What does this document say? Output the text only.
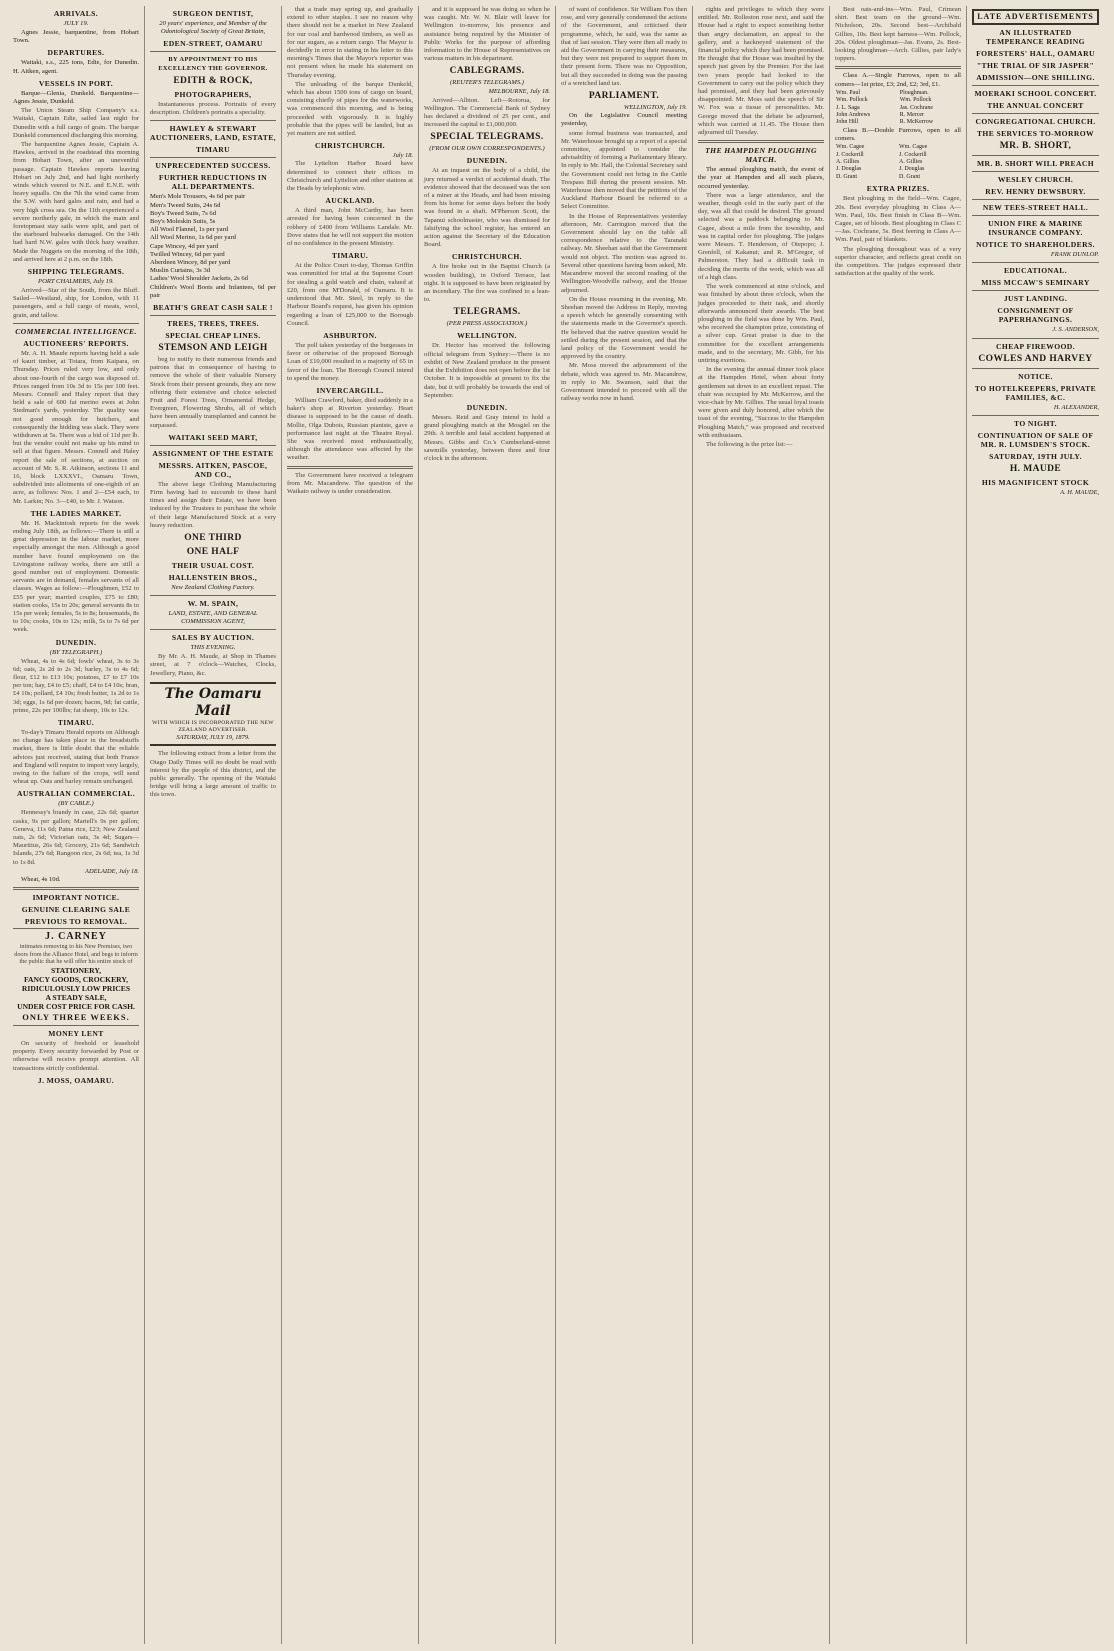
ARRIVALS.
JULY 19.

Agnes Jessie, barquentine, from Hobart Town.

DEPARTURES.

Waitaki, s.s., 225 tons, Edie, for Dunedin. H. Aitken, agent.

VESSELS IN PORT.

Barque—Glenia, Dunkeld. Barquentine—Agnes Jessie, Dunkeld.

The Union Steam Ship Company's s.s. Waitaki, Captain Edie, sailed last night for Dunedin with a full cargo of grain. The barque Dunkeld commenced discharging this morning.

The barquentine Agnes Jessie, Captain A. Hawkes, arrived in the roadstead this morning from Hobart Town, after an uneventful passage. Captain Hawkes reports leaving Hobart on July 2nd, and had light northerly winds which veered to N.E. and E.N.E. with heavy squalls. On the 7th the wind came from the S.W. with hard gales and rain, and had a very high cross sea. On the 11th experienced a severe northerly gale, in which the main and foretopmast stay sails were split, and part of the starboard bulwarks damaged. On the 14th had hard N.W. gales with thick hazy weather. Made the Nuggets on the morning of the 18th, and arrived here at 2 p.m. on the 18th.

SHIPPING TELEGRAMS.
PORT CHALMERS, July 19.

Arrived—Star of the South, from the Bluff. Sailed—Westland, ship, for London, with 11 passengers, and a full cargo of meats, wool, grain, and tallow.

COMMERCIAL INTELLIGENCE.
AUCTIONEERS' REPORTS.

Mr. A. H. Maude reports having held a sale of kauri timber, at Totara, from Kaipara, on Thursday. Prices ruled very low, and only about one-fourth of the cargo was disposed of. Prices ranged from 10s 3d to 15s per 100 feet. Messrs. Connell and Haley report that they held a sale of 600 fat merino ewes at John Stedman's yards, yesterday. The quality was not good enough for butchers, and consequently the bidding was slack. They were withdrawn at 5s. There was a bid of 11d per lb. but the vendor could not make up his mind to sell at that figure. Messrs. Connell and Haley report the sale of sections, at auction on account of Mr. S. R. Atkinson, sections 11 and 16, block LXXXVI., Oamaru Town, subdivided into allotments of one-eighth of an acre, as follows: Nos. 1 and 2—£54 each, to Mr. Larkin; No. 3—£40, to Mr. J. Watson.

THE LADIES MARKET.

Mr. H. Mackintosh reports for the week ending July 18th, as follows:—There is still a great depression in the labour market, more especially amongst the men. Although a good number have found employment on the Livingstone railway works, there are still a good number out of employment. Domestic servants are in demand, females servants of all classes. Wages as follow:—Ploughmen, £52 to £55 per year; married couples, £75 to £80; station cooks, 15s to 20s; general servants 8s to 15s per week; females, 5s to 8s; housemaids, 8s to 10s; cooks, 10s to 12s; milk, 5s to 7s 6d per week.

DUNEDIN.
(BY TELEGRAPH.)

Wheat, 4s to 4s 6d; fowls' wheat, 3s to 3s 6d; oats, 2s 2d to 2s 3d; barley, 3s to 4s 6d; flour, £12 to £13 10s; potatoes, £7 to £7 10s per ton; hay, £4 to £5; chaff, £4 to £4 10s; bran, £4 10s; pollard, £4 10s; fresh butter, 1s 2d to 1s 3d; eggs, 1s 6d per dozen; bacon, 9d; fat cattle, prime, 22s per 100lbs; fat sheep, 10s to 12s.

TIMARU.

To-day's Timaru Herald reports on Although no change has taken place in the breadstuffs market, there is little doubt that the reliable advices just received, stating that both France and England will require to import very largely, owing to the failure of the crops, will send wheat up. Oats and barley remain unchanged.

AUSTRALIAN COMMERCIAL.
(BY CABLE.)

Hennessy's brandy in case, 22s 6d; quarter casks, 9s per gallon; Martell's 9s per gallon; Geneva, 11s 6d; Patna rice, £23; New Zealand oats, 2s 6d; Victorian oats, 3s 4d; Sugars—Mauritius, 26s 6d; Grocery, 21s 6d; Sandwich Islands, 27s 6d; Rangoon rice, 2s 6d; tea, 1s 3d to 1s 8d.

ADELAIDE, July 18.

Wheat, 4s 10d.

IMPORTANT NOTICE.
GENUINE CLEARING SALE
PREVIOUS TO REMOVAL.
J. CARNEY
intimates removing to his New Premises, two doors from the Alliance Hotel, and begs to inform the public that he will offer his entire stock of
STATIONERY,
FANCY GOODS, CROCKERY,
RIDICULOUSLY LOW PRICES
A STEADY SALE,
UNDER COST PRICE FOR CASH.
ONLY THREE WEEKS.
MONEY LENT

On security of freehold or leasehold property. Every security forwarded by Post or otherwise will receive prompt attention. All transactions strictly confidential.

J. MOSS, OAMARU.
SURGEON DENTIST,
20 years' experience, and Member of the Odontological Society of Great Britain,
EDEN-STREET, OAMARU
BY APPOINTMENT TO HIS EXCELLENCY THE GOVERNOR.
EDITH & ROCK,
PHOTOGRAPHERS,

Instantaneous process. Portraits of every description. Children's portraits a speciality.

HAWLEY & STEWART AUCTIONEERS, LAND, ESTATE,
TIMARU
UNPRECEDENTED SUCCESS.
FURTHER REDUCTIONS IN ALL DEPARTMENTS.
Men's Mole Trousers, 4s 6d per pair
Men's Tweed Suits, 24s 6d
Boy's Tweed Suits, 7s 6d
Boy's Moleskin Suits, 5s
All Wool Flannel, 1s per yard
All Wool Merino, 1s 6d per yard
Cape Wincey, 4d per yard
Twilled Wincey, 6d per yard
Aberdeen Wincey, 8d per yard
Muslin Curtains, 3s 3d
Ladies' Wool Shoulder Jackets, 2s 6d
Children's Wool Boots and Infantees, 6d per pair
BEATH'S GREAT CASH SALE !
TREES, TREES, TREES.
SPECIAL CHEAP LINES.
STEMSON AND LEIGH

beg to notify to their numerous friends and patrons that in consequence of having to remove the whole of their valuable Nursery Stock from their present grounds, they are now offering their extensive and choice selected Fruit and Forest Trees, Ornamental Hedge, Evergreen, Flowering Shrubs, all of which have been annually transplanted and cannot be surpassed.

WAITAKI SEED MART,
ASSIGNMENT OF THE ESTATE
MESSRS. AITKEN, PASCOE, AND CO.,

The above large Clothing Manufacturing Firm having had to succumb to these hard times and assign their Estate, we have been induced by the Trustees to purchase the whole of their large Manufactured Stock at a very heavy reduction.

ONE THIRD
ONE HALF
THEIR USUAL COST.
HALLENSTEIN BROS.,
New Zealand Clothing Factory.
W. M. SPAIN,
LAND, ESTATE, AND GENERAL COMMISSION AGENT,
SALES BY AUCTION.
THIS EVENING.

By Mr. A. H. Maude, at Shop in Thames street, at 7 o'clock—Watches, Clocks, Jewellery, Piano, &c.

The Oamaru Mail
WITH WHICH IS INCORPORATED THE NEW ZEALAND ADVERTISER.
SATURDAY, JULY 19, 1879.

The following extract from a letter from the Otago Daily Times will no doubt be read with interest by the people of this district, and the public generally. The opening of the Waitaki bridge will bring a large amount of traffic to this town.

that a trade may spring up, and gradually extend to other staples. I see no reason why there should not be a market in New Zealand for our coal and hardwood timbers, as well as for our sugars, as a return cargo. The Mayor is decidedly in error in stating in his letter to this morning's Times that the Mayor's reporter was not present when he made his statement on Thursday evening.

The unloading of the barque Dunkeld, which has about 1500 tons of cargo on board, consisting chiefly of pipes for the waterworks, was commenced this morning, and is being proceeded with vigorously. It is highly probable that the pipes will be landed, but as yet matters are not settled.

CHRISTCHURCH.
July 18.

The Lyttelton Harbor Board have determined to connect their offices in Christchurch and Lyttelton and other stations at the Heads by telephonic wire.

AUCKLAND.

A third man, John McCarthy, has been arrested for having been concerned in the robbery of £400 from Williams Landale. Mr. Dove states that he will not support the motion of no confidence in the present Ministry.

TIMARU.

At the Police Court to-day, Thomas Griffin was committed for trial at the Supreme Court for stealing a gold watch and chain, valued at £20, from one M'Donald, of Oamaru. It is understood that Mr. Steel, in reply to the Harbour Board's request, has given his opinion regarding a loan of £25,000 to the Borough Council.

ASHBURTON.

The poll taken yesterday of the burgesses in favor or otherwise of the proposed Borough Loan of £10,000 resulted in a majority of 65 in favor of the loan. The Borough Council intend to spend the money.

INVERCARGILL.

William Crawford, baker, died suddenly in a baker's shop at Riverton yesterday. Heart disease is supposed to be the cause of death. Mollie, Olga Dubois, Russian pianiste, gave a performance last night at the Theatre Royal. She was received most enthusiastically, although the attendance was affected by the weather.

The Government have received a telegram from Mr. Macandrew. The question of the Waikato railway is under consideration.

and it is supposed he was doing so when he was caught. Mr. W. N. Blair will leave for Wellington to-morrow, his presence and assistance being required by the Minister of Public Works for the purpose of affording information to the House of Representatives on various matters in his department.

CABLEGRAMS.
(REUTER'S TELEGRAMS.)
MELBOURNE, July 18.

Arrived—Albion. Left—Rotorua, for Wellington. The Commercial Bank of Sydney has declared a dividend of 25 per cent., and increased the capital to £1,000,000.

SPECIAL TELEGRAMS.
(FROM OUR OWN CORRESPONDENTS.)
DUNEDIN.

At an inquest on the body of a child, the jury returned a verdict of accidental death. The evidence showed that the deceased was the son of a miner at the Heads, and had been missing from his home for some days before the body was found in a shaft. M'Pherson Scott, the Tapanui schoolmaster, who was dismissed for falsifying the school register, has entered an action against the Secretary of the Education Board.

CHRISTCHURCH.

A fire broke out in the Baptist Church (a wooden building), in Oxford Terrace, last night. It is supposed to have been originated by an incendiary. The fire was confined to a lean-to.

TELEGRAMS.
(PER PRESS ASSOCIATION.)
WELLINGTON.

Dr. Hector has received the following official telegram from Sydney:—There is no exhibit of New Zealand produce in the present that the Exhibition does not open before the 1st October. It is impossible at present to fix the date, but it will probably be towards the end of September.

DUNEDIN.

Messrs. Reid and Gray intend to hold a grand ploughing match at the Mosgiel on the 29th. A terrible and fatal accident happened at Messrs. Gibbs and Co.'s Cumberland-street sawmills yesterday, between three and four o'clock in the afternoon.

of want of confidence. Sir William Fox then rose, and very generally condemned the actions of the Government, and criticised their programme, which, he said, was the same as that of last session. They were then all ready to aid the Government in carrying their measures, but they were not prepared to support them in their present form. There was no Opposition, but all they succeeded in doing was the passing of a wretched land tax.

PARLIAMENT.
WELLINGTON, July 19.

On the Legislative Council meeting yesterday,

some formal business was transacted, and Mr. Waterhouse brought up a report of a special committee, appointed to consider the advisability of forming a Parliamentary library. In reply to Mr. Hall, the Colonial Secretary said the Government could not bring in the Cattle Trespass Bill during the present session. Mr. Waterhouse then moved that the petitions of the Auckland Harbour Board be referred to a Select Committee.

In the House of Representatives yesterday afternoon, Mr. Carrington moved that the Government should lay on the table all correspondence relative to the Taranaki railway. Mr. Sheehan said that the Government would not object. The motion was agreed to. Several other questions having been asked, Mr. Macandrew moved the second reading of the Wellington-Woodville railway, and the House adjourned.

On the House resuming in the evening, Mr. Sheehan moved the Address in Reply, moving a speech which he generally consenting with the statements made in the Governor's speech. He believed that the native question would be settled during the present session, and that the land policy of the Government would be approved by the country.

Mr. Moss moved the adjournment of the debate, which was agreed to. Mr. Macandrew, in reply to Mr. Swanson, said that the Government intended to proceed with all the railway works now in hand.

rights and privileges to which they were entitled. Mr. Rolleston rose next, and said the House had a right to expect something better than angry declamation, an appeal to the gallery, and a hackneyed statement of the financial policy which they had been promised. He thought that the House was insulted by the speech just given by the Premier. For the last two years people had looked to the Government to carry out the policy which they had promised, and they had been grievously disappointed. Mr. Moss said the speech of Sir W. Fox was a tissue of personalities. Mr. George moved that the debate be adjourned, which was carried at 11.45. The House then adjourned till Tuesday.

THE HAMPDEN PLOUGHING MATCH.

The annual ploughing match, the event of the year at Hampden and all such places, occurred yesterday.

There was a large attendance, and the weather, though cold in the early part of the day, was all that could be desired. The ground selected was a paddock belonging to Mr. Cagee, about a mile from the township, and was in capital order for ploughing. The judges were Messrs. T. Henderson, of Otepopo; J. Grenfell, of Kakanui; and R. M'Gregor, of Palmerston. They had a difficult task in deciding the merits of the work, which was all of a high class.

The work commenced at nine o'clock, and was finished by about three o'clock, when the judges proceeded to their task, and shortly afterwards announced their awards. The best ploughing in the field was done by Wm. Paul, who received the champion prize, consisting of a silver cup. Great praise is due to the committee for the excellent arrangements made, and to the secretary, Mr. Gibb, for his untiring exertions.

In the evening the annual dinner took place at the Hampden Hotel, when about forty gentlemen sat down to an excellent repast. The chair was occupied by Mr. McKerrow, and the vice-chair by Mr. Gillies. The usual loyal toasts were given and duly honored, after which the toast of the evening, "Success to the Hampden Ploughing Match," was proposed and received with enthusiasm.

The following is the prize list:—

Best oats-and-ins—Wm. Paul, Crimean shirt. Best team on the ground—Wm. Nicholson, 20s. Second best—Archibald Gillies, 10s. Best kept harness—Wm. Pollock, 20s. Oldest ploughman—Jas. Evans, 2s. Best-looking ploughman—Arch. Gillies, pair lady's toppers.

Class A.—Single Furrows, open to all comers—1st prize, £3; 2nd, £2; 3rd, £1.

Wm. Paul	Ploughman.
Wm. Pollock	Wm. Pollock
J. L. Saga	Jas. Cochrane
John Andrews	R. Mercer
John Hill	R. McKerrow

Class B.—Double Furrows, open to all comers.

Wm. Cagee	Wm. Cagee
J. Cockerill	J. Cockerill
A. Gillies	A. Gillies
J. Douglas	J. Douglas
D. Grant	D. Grant
EXTRA PRIZES.

Best ploughing in the field—Wm. Cagee, 20s. Best everyday ploughing in Class A—Wm. Paul, 10s. Best finish in Class B—Wm. Cagee, set of bloods. Best ploughing in Class C—Jas. Cochrane, 5s. Best feering in Class A—Wm. Paul, pair of blankets.

The ploughing throughout was of a very superior character, and reflects great credit on the competitors. The judges expressed their satisfaction at the quality of the work.

LATE ADVERTISEMENTS
AN ILLUSTRATED TEMPERANCE READING
FORESTERS' HALL, OAMARU
"THE TRIAL OF SIR JASPER"
ADMISSION—ONE SHILLING.
MOERAKI SCHOOL CONCERT.
THE ANNUAL CONCERT
CONGREGATIONAL CHURCH.
THE SERVICES TO-MORROW
MR. B. SHORT,
MR. B. SHORT WILL PREACH
WESLEY CHURCH.
REV. HENRY DEWSBURY.
NEW TEES-STREET HALL.
UNION FIRE & MARINE INSURANCE COMPANY.
NOTICE TO SHAREHOLDERS.
FRANK DUNLOP.
EDUCATIONAL.
MISS MCCAW'S SEMINARY
JUST LANDING.
CONSIGNMENT OF PAPERHANGINGS.
J. S. ANDERSON,
CHEAP FIREWOOD.
COWLES AND HARVEY
NOTICE.
TO HOTELKEEPERS, PRIVATE FAMILIES, &C.
H. ALEXANDER,
TO NIGHT.
CONTINUATION OF SALE OF MR. R. LUMSDEN'S STOCK.
SATURDAY, 19TH JULY.
H. MAUDE
HIS MAGNIFICENT STOCK
A. H. MAUDE,
